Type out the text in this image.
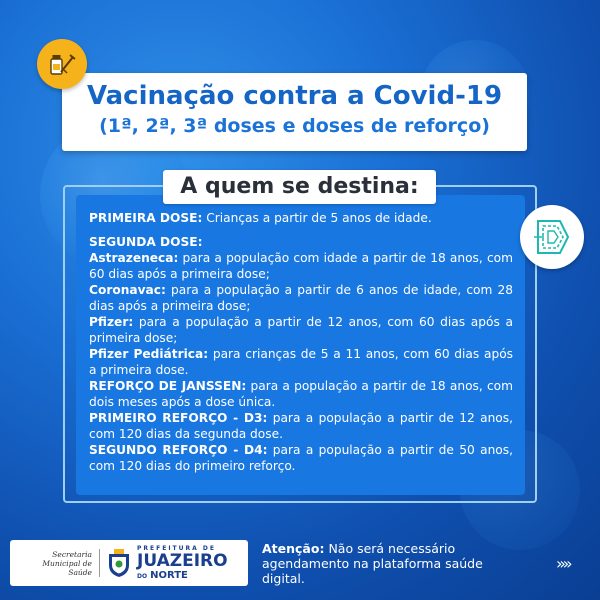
Vacinação contra a Covid-19
(1ª, 2ª, 3ª doses e doses de reforço)

PRIMEIRA DOSE: Crianças a partir de 5 anos de idade.

SEGUNDA DOSE:

Astrazeneca: para a população com idade a partir de 18 anos, com 60 dias após a primeira dose;

Coronavac: para a população a partir de 6 anos de idade, com 28 dias após a primeira dose;

Pfizer: para a população a partir de 12 anos, com 60 dias após a primeira dose;

Pfizer Pediátrica: para crianças de 5 a 11 anos, com 60 dias após a primeira dose.

REFORÇO DE JANSSEN: para a população a partir de 18 anos, com dois meses após a dose única.

PRIMEIRO REFORÇO - D3: para a população a partir de 12 anos, com 120 dias da segunda dose.

SEGUNDO REFORÇO - D4: para a população a partir de 50 anos, com 120 dias do primeiro reforço.

A quem se destina:
Secretaria Municipal de Saúde
PREFEITURA DE
JUAZEIRO
DO NORTE
Atenção: Não será necessário agendamento na plataforma saúde digital.
»»
